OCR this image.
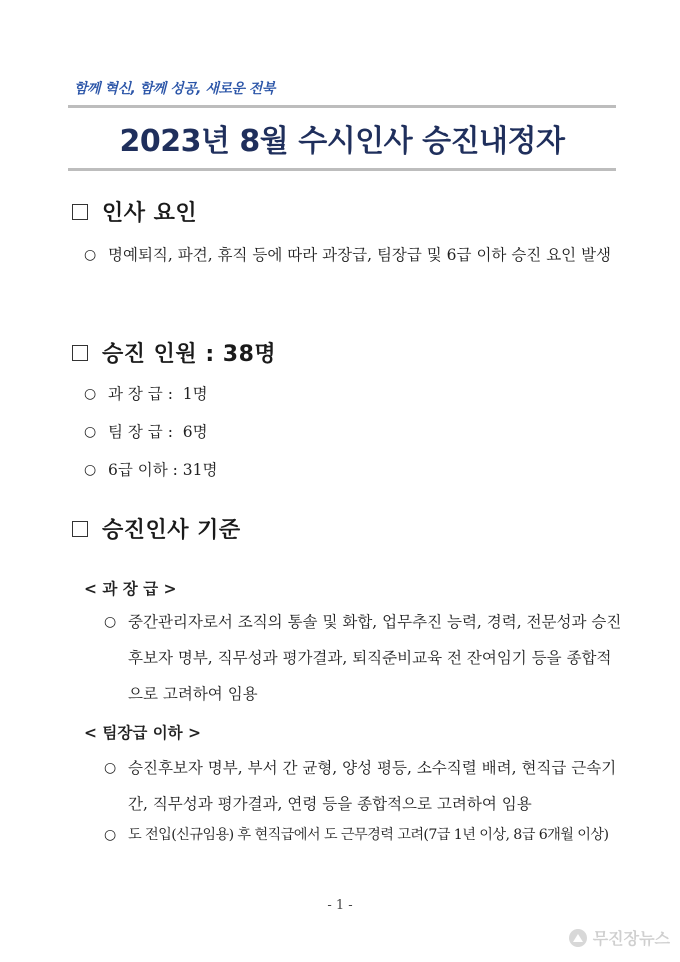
함께 혁신, 함께 성공, 새로운 전북
2023년 8월 수시인사 승진내정자
인사 요인
○ 명예퇴직, 파견, 휴직 등에 따라 과장급, 팀장급 및 6급 이하 승진 요인 발생
승진 인원 : 38명
○ 과 장 급 :  1명
○ 팀 장 급 :  6명
○ 6급 이하 : 31명
승진인사 기준
< 과 장 급 >
○ 중간관리자로서 조직의 통솔 및 화합, 업무추진 능력, 경력, 전문성과 승진후보자 명부, 직무성과 평가결과, 퇴직준비교육 전 잔여임기 등을 종합적으로 고려하여 임용
< 팀장급 이하 >
○ 승진후보자 명부, 부서 간 균형, 양성 평등, 소수직렬 배려, 현직급 근속기간, 직무성과 평가결과, 연령 등을 종합적으로 고려하여 임용
○ 도 전입(신규임용) 후 현직급에서 도 근무경력 고려(7급 1년 이상, 8급 6개월 이상)
- 1 -
무진장뉴스
